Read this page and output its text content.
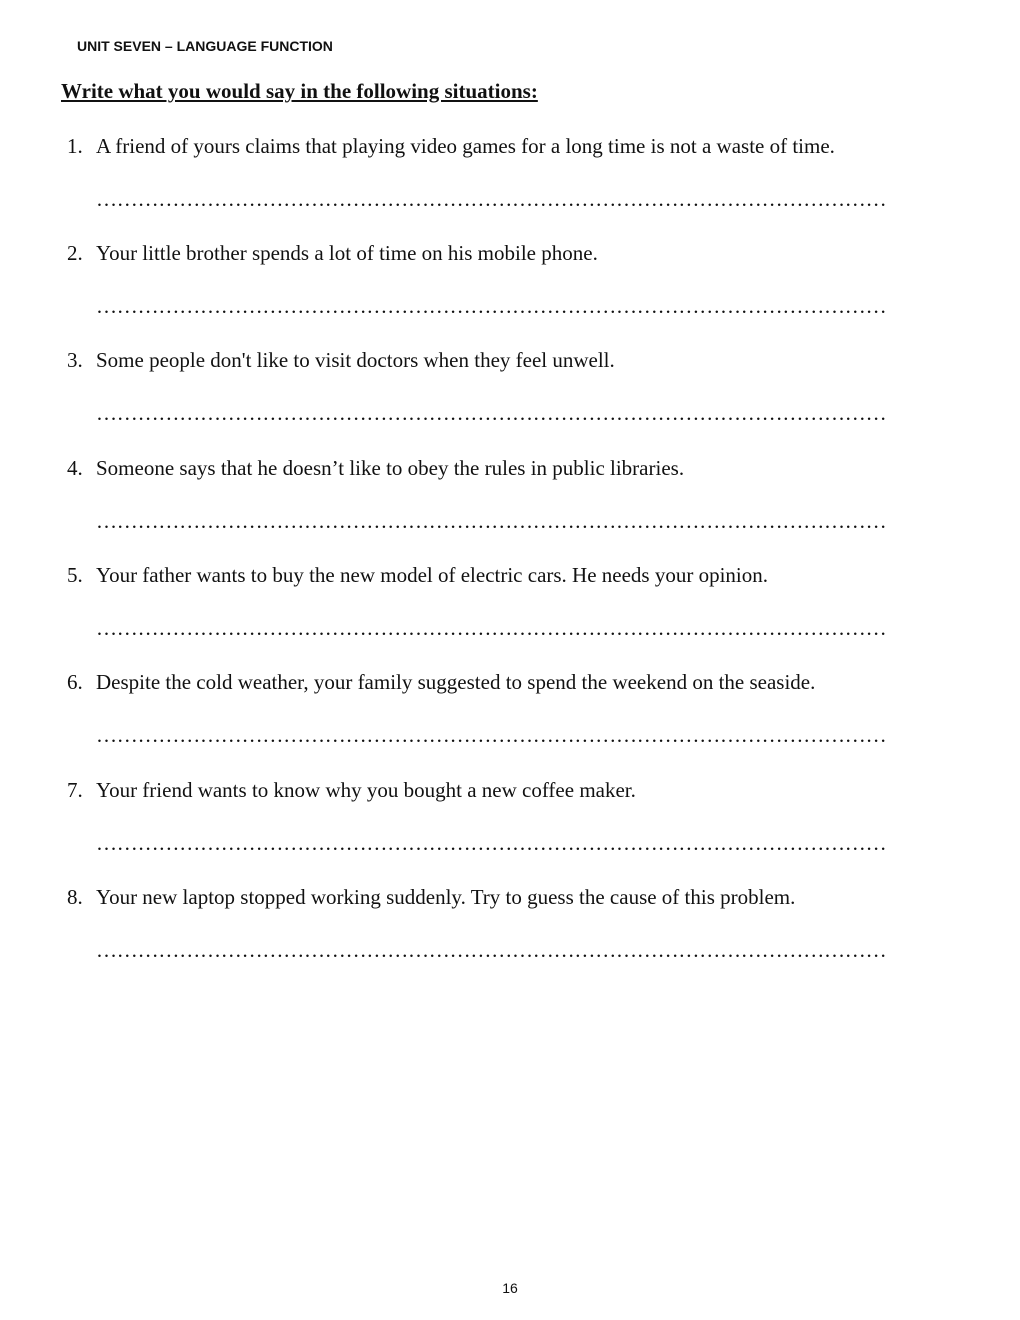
UNIT SEVEN – LANGUAGE FUNCTION
Write what you would say in the following situations:
1. A friend of yours claims that playing video games for a long time is not a waste of time.
……………………………………………………………………………………………………
2. Your little brother spends a lot of time on his mobile phone.
……………………………………………………………………………………………………
3. Some people don't like to visit doctors when they feel unwell.
……………………………………………………………………………………………………
4. Someone says that he doesn’t like to obey the rules in public libraries.
……………………………………………………………………………………………………
5. Your father wants to buy the new model of electric cars. He needs your opinion.
……………………………………………………………………………………………………
6. Despite the cold weather, your family suggested to spend the weekend on the seaside.
……………………………………………………………………………………………………
7. Your friend wants to know why you bought a new coffee maker.
……………………………………………………………………………………………………
8. Your new laptop stopped working suddenly. Try to guess the cause of this problem.
……………………………………………………………………………………………………
16
